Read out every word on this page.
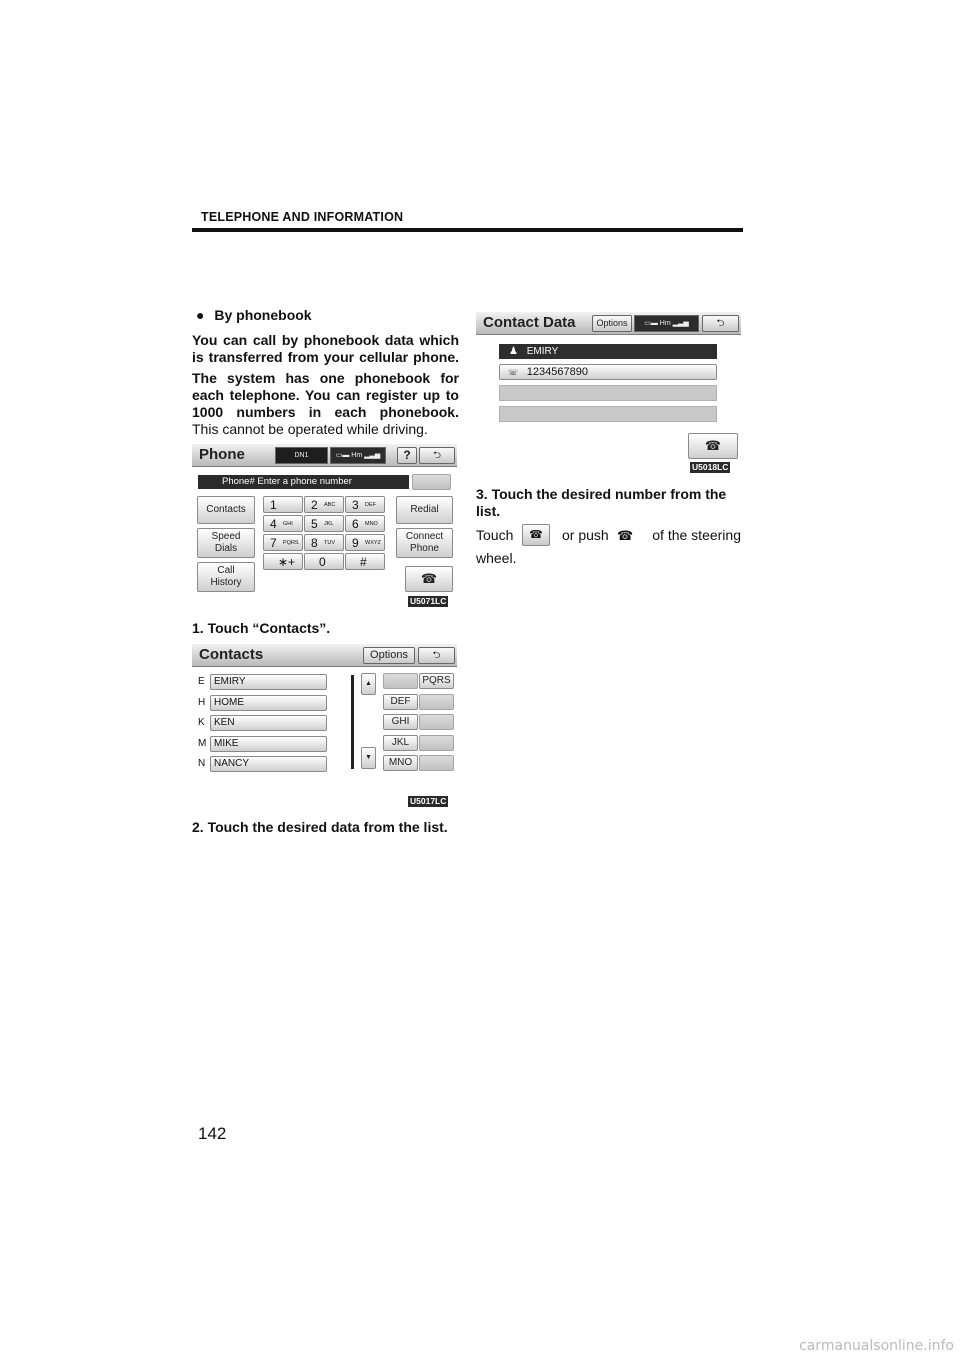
TELEPHONE AND INFORMATION
● By phonebook
You can call by phonebook data which is transferred from your cellular phone.
The system has one phonebook for each telephone. You can register up to 1000 numbers in each phonebook.
This cannot be operated while driving.
Phone	DN1	▭▬ Hm ▂▃▅	?	⮌
Phone# Enter a phone number
Contacts
Speed
Dials
Call
History
1	2 ABC 3 DEF
4 GHI 5 JKL 6 MNO
7 PQRS 8 TUV 9 WXYZ
∗+ 0	#
Redial
Connect
Phone
☎
U5071LC
1. Touch “Contacts”.
Contacts	Options	⮌
E EMIRY
H HOME
K KEN
M MIKE
N NANCY
▲
▼
DEF
GHI
JKL
MNO
PQRS
U5017LC
2. Touch the desired data from the list.
Contact Data	Options	▭▬ Hm ▂▃▅	⮌
♟ EMIRY
☏ 1234567890
☎
U5018LC
3. Touch the desired number from the list.
Touch	☎	or push ☎	of the steering
wheel.
142
carmanualsonline.info
